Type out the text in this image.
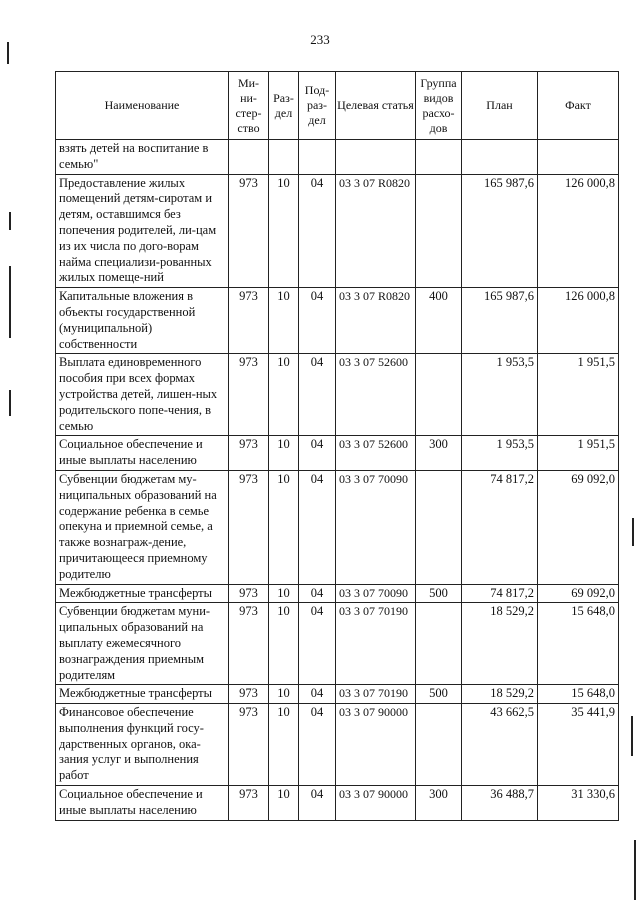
233
Наименование	Ми-ни-стер-ство	Раз-дел	Под-раз-дел	Целевая статья	Группа видов расхо-дов	План	Факт
взять детей на воспитание в семью"							
Предоставление жилых помещений детям-сиротам и детям, оставшимся без попечения родителей, ли-цам из их числа по дого-ворам найма специализи-рованных жилых помеще-ний	973	10	04	03 3 07 R0820		165 987,6	126 000,8
Капитальные вложения в объекты государственной (муниципальной) собственности	973	10	04	03 3 07 R0820	400	165 987,6	126 000,8
Выплата единовременного пособия при всех формах устройства детей, лишен-ных родительского попе-чения, в семью	973	10	04	03 3 07 52600		1 953,5	1 951,5
Социальное обеспечение и иные выплаты населению	973	10	04	03 3 07 52600	300	1 953,5	1 951,5
Субвенции бюджетам му-ниципальных образований на содержание ребенка в семье опекуна и приемной семье, а также вознаграж-дение, причитающееся приемному родителю	973	10	04	03 3 07 70090		74 817,2	69 092,0
Межбюджетные трансферты	973	10	04	03 3 07 70090	500	74 817,2	69 092,0
Субвенции бюджетам муни-ципальных образований на выплату ежемесячного вознаграждения приемным родителям	973	10	04	03 3 07 70190		18 529,2	15 648,0
Межбюджетные трансферты	973	10	04	03 3 07 70190	500	18 529,2	15 648,0
Финансовое обеспечение выполнения функций госу-дарственных органов, ока-зания услуг и выполнения работ	973	10	04	03 3 07 90000		43 662,5	35 441,9
Социальное обеспечение и иные выплаты населению	973	10	04	03 3 07 90000	300	36 488,7	31 330,6
